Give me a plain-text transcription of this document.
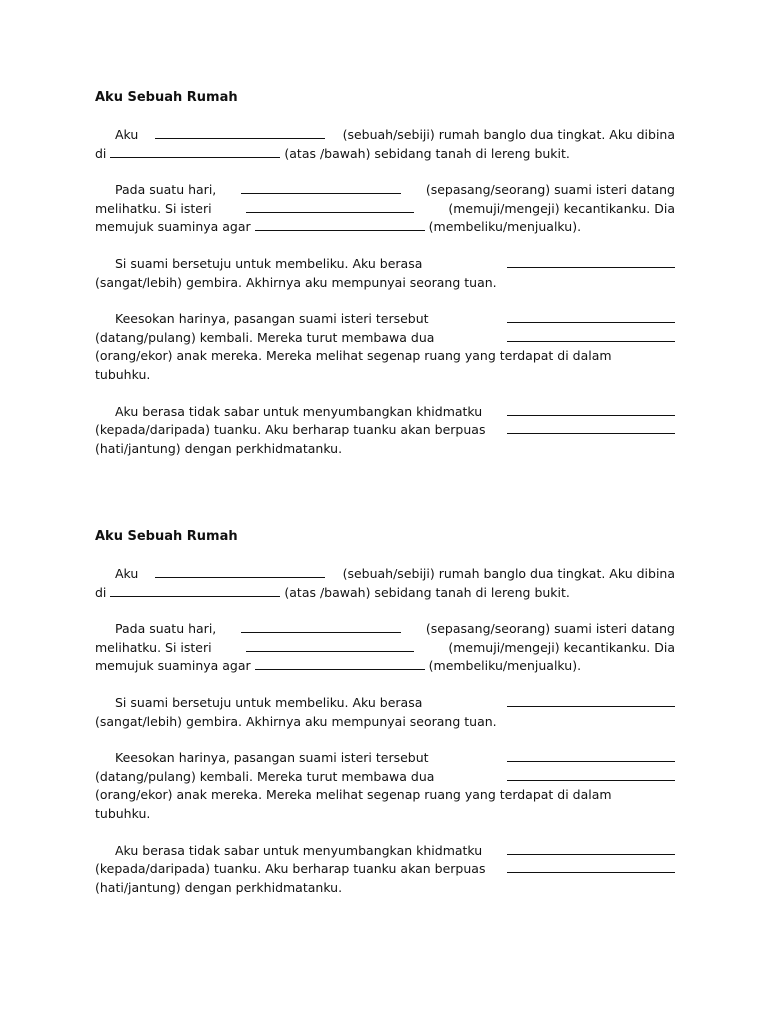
Aku Sebuah Rumah
Aku	(sebuah/sebiji) rumah banglo dua tingkat. Aku dibina
di	(atas /bawah) sebidang tanah di lereng bukit.
Pada suatu hari,	(sepasang/seorang) suami isteri datang
melihatku. Si isteri	(memuji/mengeji) kecantikanku. Dia
memujuk suaminya agar	(membeliku/menjualku).
Si suami bersetuju untuk membeliku. Aku berasa
(sangat/lebih) gembira. Akhirnya aku mempunyai seorang tuan.
Keesokan harinya, pasangan suami isteri tersebut
(datang/pulang) kembali. Mereka turut membawa dua
(orang/ekor) anak mereka. Mereka melihat segenap ruang yang terdapat di dalam
tubuhku.
Aku berasa tidak sabar untuk menyumbangkan khidmatku
(kepada/daripada) tuanku. Aku berharap tuanku akan berpuas
(hati/jantung) dengan perkhidmatanku.
Aku Sebuah Rumah
Aku	(sebuah/sebiji) rumah banglo dua tingkat. Aku dibina
di	(atas /bawah) sebidang tanah di lereng bukit.
Pada suatu hari,	(sepasang/seorang) suami isteri datang
melihatku. Si isteri	(memuji/mengeji) kecantikanku. Dia
memujuk suaminya agar	(membeliku/menjualku).
Si suami bersetuju untuk membeliku. Aku berasa
(sangat/lebih) gembira. Akhirnya aku mempunyai seorang tuan.
Keesokan harinya, pasangan suami isteri tersebut
(datang/pulang) kembali. Mereka turut membawa dua
(orang/ekor) anak mereka. Mereka melihat segenap ruang yang terdapat di dalam
tubuhku.
Aku berasa tidak sabar untuk menyumbangkan khidmatku
(kepada/daripada) tuanku. Aku berharap tuanku akan berpuas
(hati/jantung) dengan perkhidmatanku.
